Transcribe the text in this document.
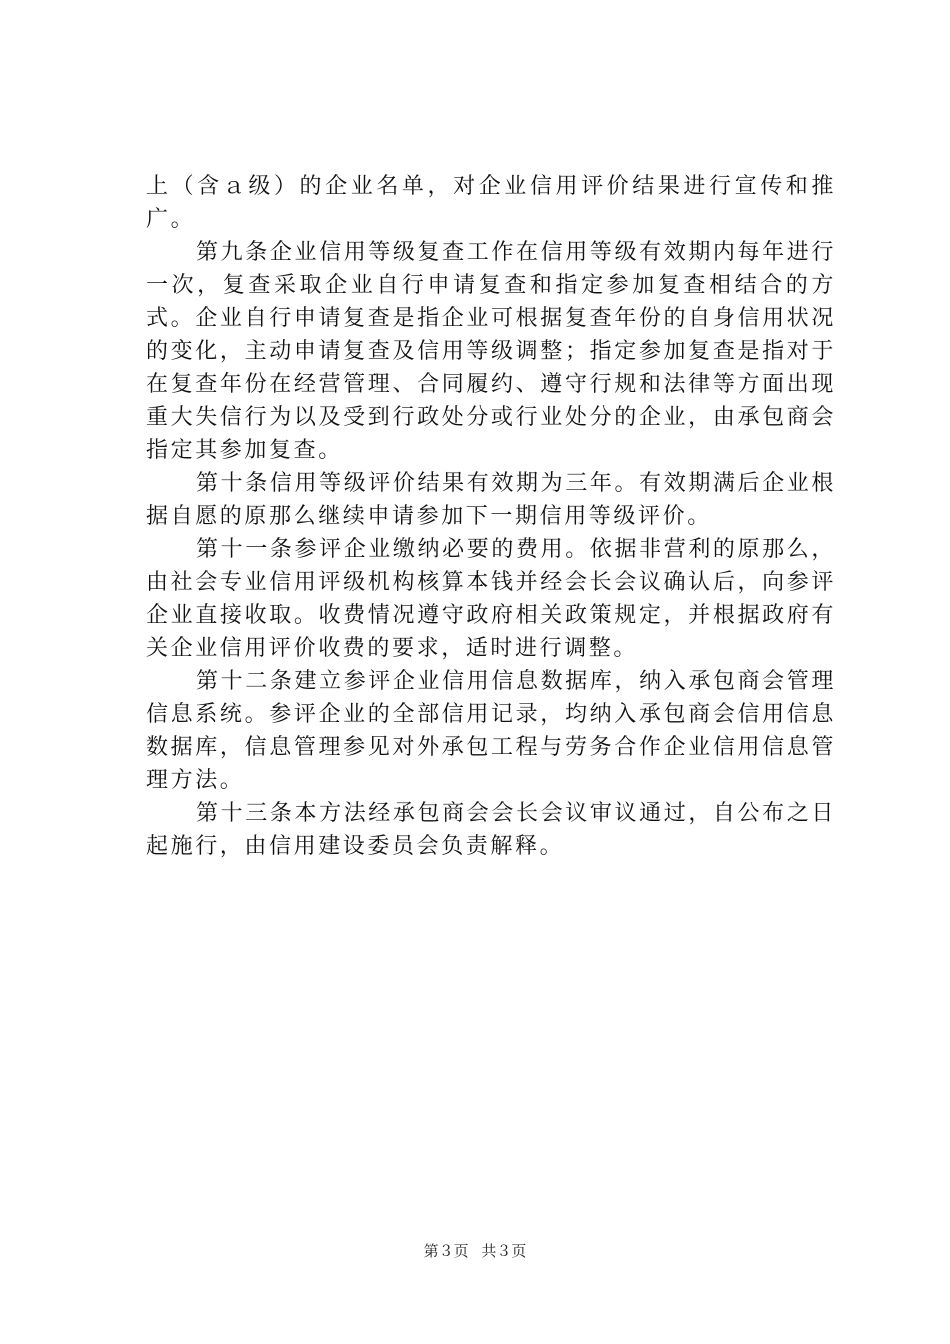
上（含ａ级）的企业名单，对企业信用评价结果进行宣传和推广。

第九条企业信用等级复查工作在信用等级有效期内每年进行一次，复查采取企业自行申请复查和指定参加复查相结合的方式。企业自行申请复查是指企业可根据复查年份的自身信用状况的变化，主动申请复查及信用等级调整；指定参加复查是指对于在复查年份在经营管理、合同履约、遵守行规和法律等方面出现重大失信行为以及受到行政处分或行业处分的企业，由承包商会指定其参加复查。

第十条信用等级评价结果有效期为三年。有效期满后企业根据自愿的原那么继续申请参加下一期信用等级评价。

第十一条参评企业缴纳必要的费用。依据非营利的原那么，由社会专业信用评级机构核算本钱并经会长会议确认后，向参评企业直接收取。收费情况遵守政府相关政策规定，并根据政府有关企业信用评价收费的要求，适时进行调整。

第十二条建立参评企业信用信息数据库，纳入承包商会管理信息系统。参评企业的全部信用记录，均纳入承包商会信用信息数据库，信息管理参见对外承包工程与劳务合作企业信用信息管理方法。

第十三条本方法经承包商会会长会议审议通过，自公布之日起施行，由信用建设委员会负责解释。

第３页 共３页
